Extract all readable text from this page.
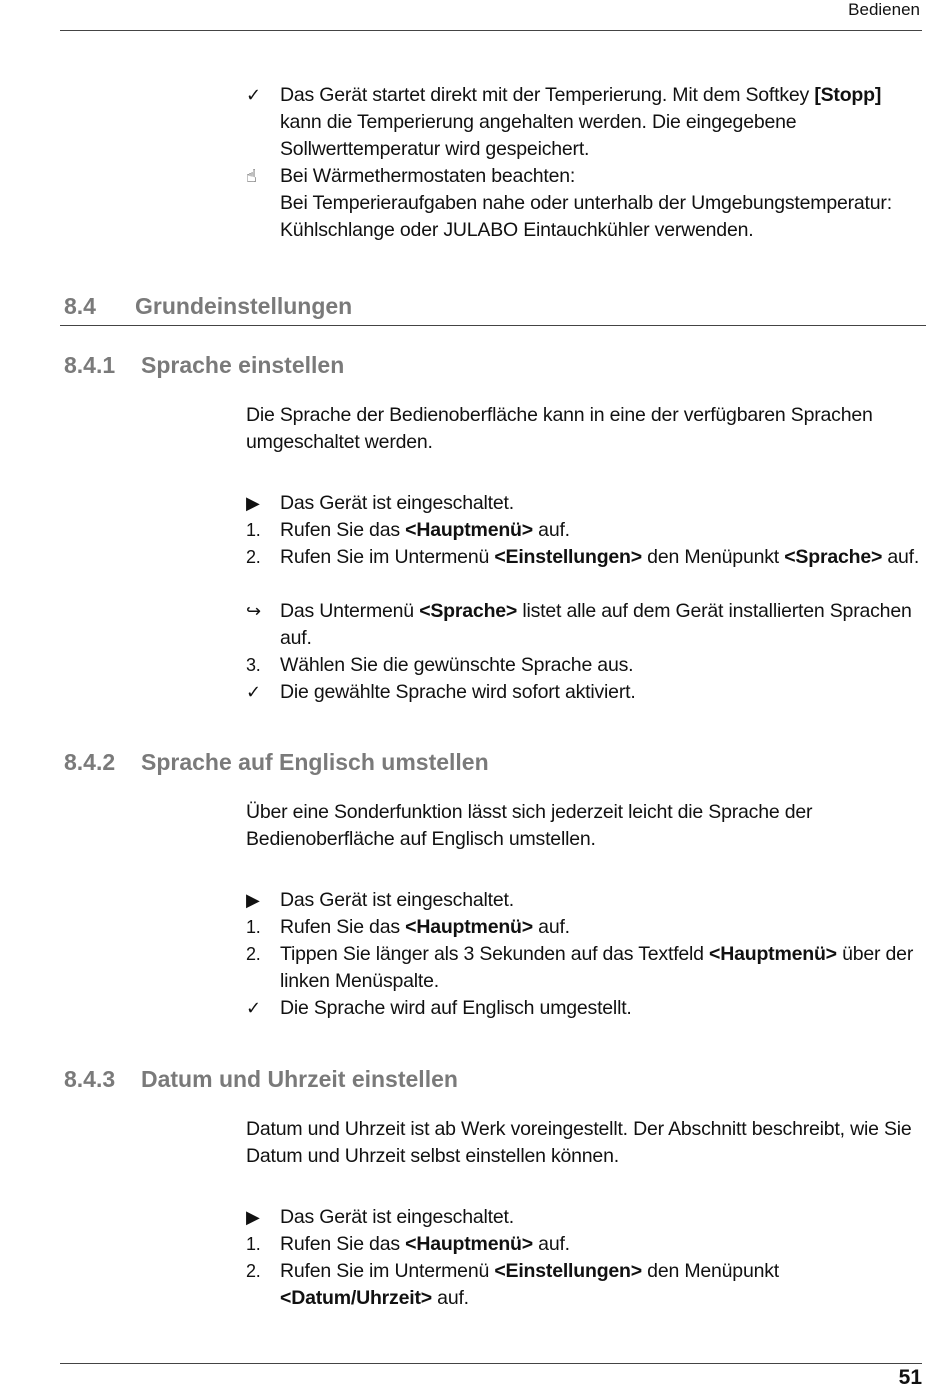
Bedienen
✓ Das Gerät startet direkt mit der Temperierung. Mit dem Softkey [Stopp] kann die Temperierung angehalten werden. Die eingegebene Sollwerttemperatur wird gespeichert.
☝	Bei Wärmethermostaten beachten:
Bei Temperieraufgaben nahe oder unterhalb der Umgebungstemperatur: Kühlschlange oder JULABO Eintauchkühler verwenden.
8.4 Grundeinstellungen
8.4.1 Sprache einstellen
Die Sprache der Bedienoberfläche kann in eine der verfügbaren Sprachen umgeschaltet werden.
▶	Das Gerät ist eingeschaltet.
1. Rufen Sie das <Hauptmenü> auf.
2. Rufen Sie im Untermenü <Einstellungen> den Menüpunkt <Sprache> auf.
↪ Das Untermenü <Sprache> listet alle auf dem Gerät installierten Sprachen auf.
3. Wählen Sie die gewünschte Sprache aus.
✓ Die gewählte Sprache wird sofort aktiviert.
8.4.2 Sprache auf Englisch umstellen
Über eine Sonderfunktion lässt sich jederzeit leicht die Sprache der Bedienoberfläche auf Englisch umstellen.
▶	Das Gerät ist eingeschaltet.
1. Rufen Sie das <Hauptmenü> auf.
2. Tippen Sie länger als 3 Sekunden auf das Textfeld <Hauptmenü> über der linken Menüspalte.
✓ Die Sprache wird auf Englisch umgestellt.
8.4.3 Datum und Uhrzeit einstellen
Datum und Uhrzeit ist ab Werk voreingestellt. Der Abschnitt beschreibt, wie Sie Datum und Uhrzeit selbst einstellen können.
▶	Das Gerät ist eingeschaltet.
1. Rufen Sie das <Hauptmenü> auf.
2. Rufen Sie im Untermenü <Einstellungen> den Menüpunkt
<Datum/Uhrzeit> auf.
51
